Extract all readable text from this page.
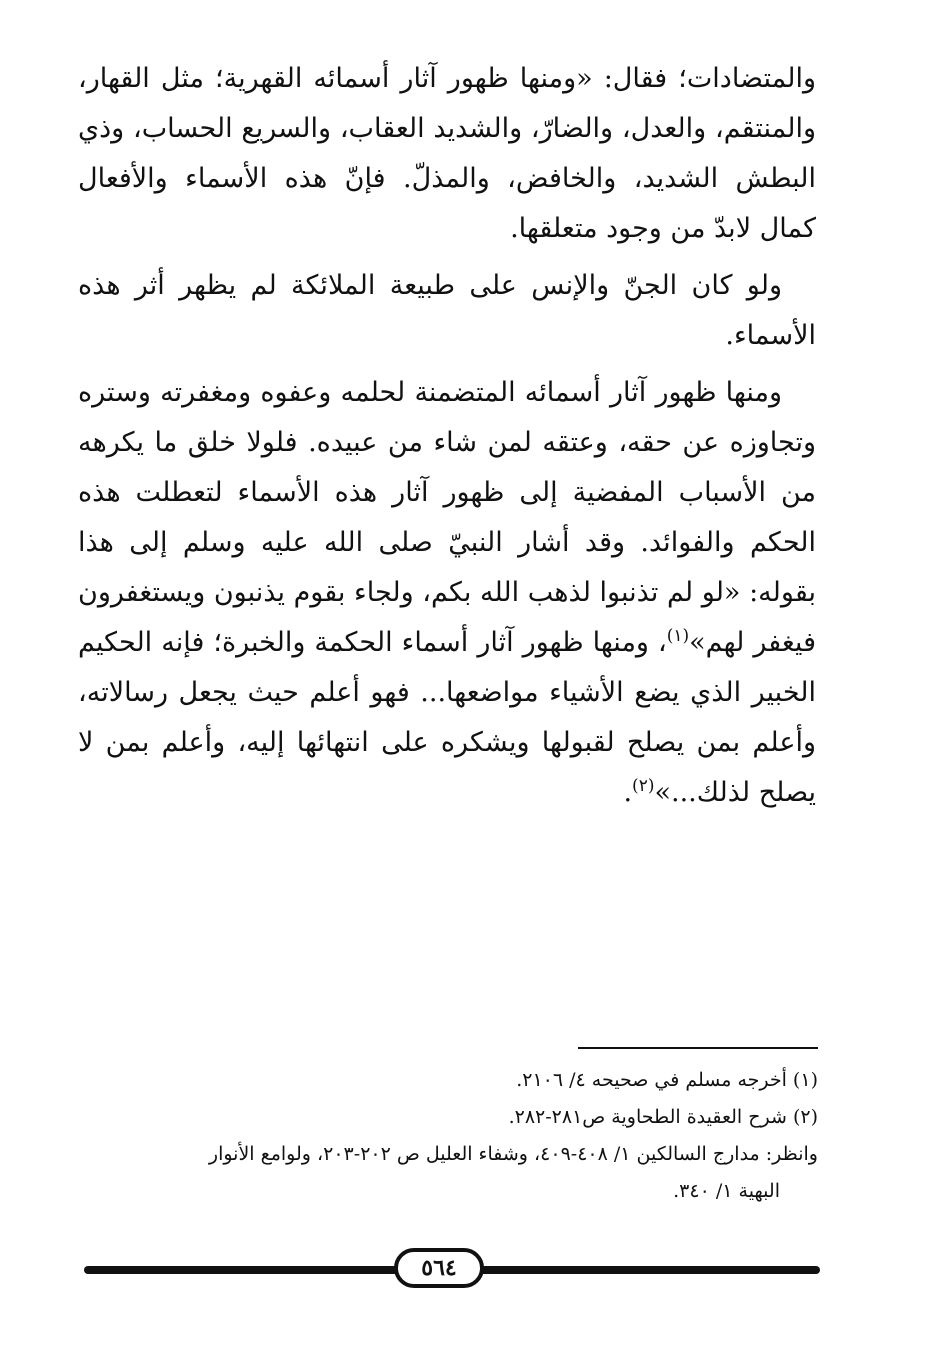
والمتضادات؛ فقال: «ومنها ظهور آثار أسمائه القهرية؛ مثل القهار، والمنتقم، والعدل، والضارّ، والشديد العقاب، والسريع الحساب، وذي البطش الشديد، والخافض، والمذلّ. فإنّ هذه الأسماء والأفعال كمال لابدّ من وجود متعلقها.

ولو كان الجنّ والإنس على طبيعة الملائكة لم يظهر أثر هذه الأسماء.

ومنها ظهور آثار أسمائه المتضمنة لحلمه وعفوه ومغفرته وستره وتجاوزه عن حقه، وعتقه لمن شاء من عبيده. فلولا خلق ما يكرهه من الأسباب المفضية إلى ظهور آثار هذه الأسماء لتعطلت هذه الحكم والفوائد. وقد أشار النبيّ صلى الله عليه وسلم إلى هذا بقوله: «لو لم تذنبوا لذهب الله بكم، ولجاء بقوم يذنبون ويستغفرون فيغفر لهم»$^{(١)}$، ومنها ظهور آثار أسماء الحكمة والخبرة؛ فإنه الحكيم الخبير الذي يضع الأشياء مواضعها... فهو أعلم حيث يجعل رسالاته، وأعلم بمن يصلح لقبولها ويشكره على انتهائها إليه، وأعلم بمن لا يصلح لذلك...»$^{(٢)}$.

(١) أخرجه مسلم في صحيحه ٤/ ٢١٠٦.
(٢) شرح العقيدة الطحاوية ص٢٨١-٢٨٢.
وانظر: مدارج السالكين ١/ ٤٠٨-٤٠٩، وشفاء العليل ص ٢٠٢-٢٠٣، ولوامع الأنوار
البهية ١/ ٣٤٠.
٥٦٤
